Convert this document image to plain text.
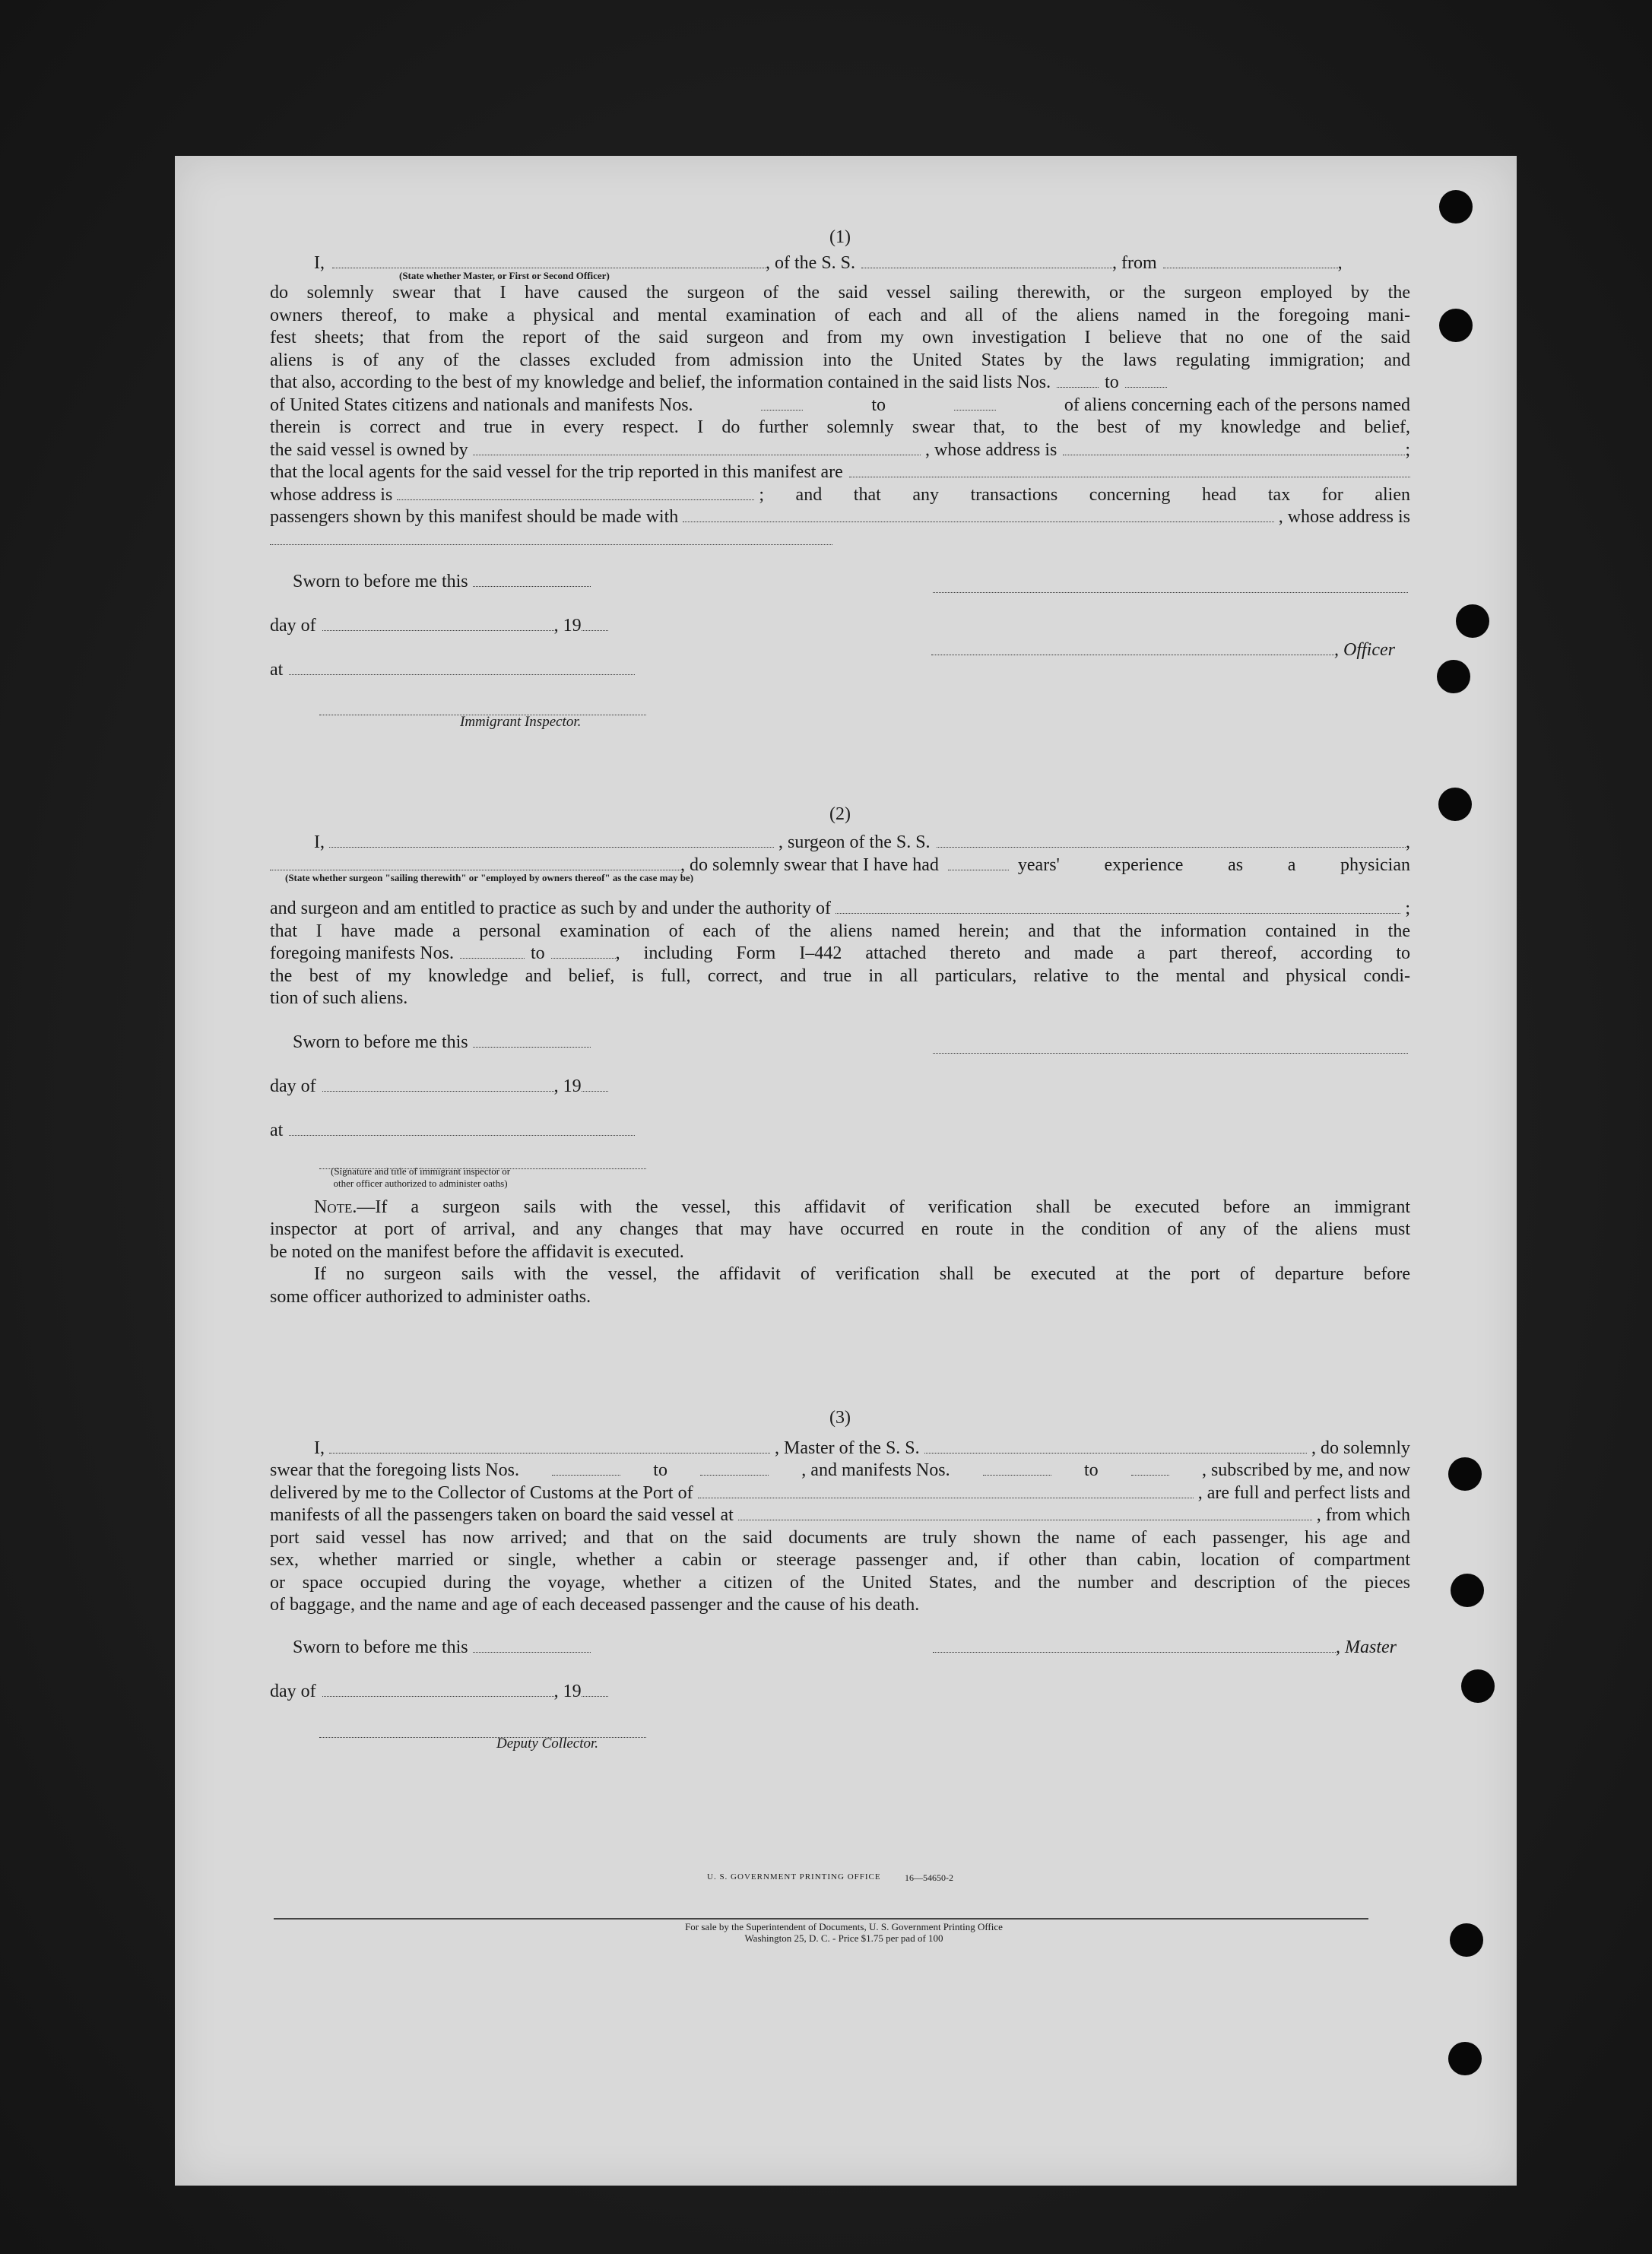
(1)

I,	, of the S. S.	, from	,
(State whether Master, or First or Second Officer)

do solemnly swear that I have caused the surgeon of the said vessel sailing therewith, or the surgeon employed by the

owners thereof, to make a physical and mental examination of each and all of the aliens named in the foregoing mani-

fest sheets; that from the report of the said surgeon and from my own investigation I believe that no one of the said

aliens is of any of the classes excluded from admission into the United States by the laws regulating immigration; and

that also, according to the best of my knowledge and belief, the information contained in the said lists Nos.	to
of United States citizens and nationals and manifests Nos.	to	of aliens concerning each of the persons named

therein is correct and true in every respect. I do further solemnly swear that, to the best of my knowledge and belief,

the said vessel is owned by	, whose address is	;
that the local agents for the said vessel for the trip reported in this manifest are
whose address is	; and that any transactions concerning head tax for alien
passengers shown by this manifest should be made with	, whose address is
Sworn to before me this
day of	, 19
, Officer
at
Immigrant Inspector.

(2)

I,	, surgeon of the S. S.	,
, do solemnly swear that I have had	years' experience as a physician
(State whether surgeon "sailing therewith" or "employed by owners thereof" as the case may be)
and surgeon and am entitled to practice as such by and under the authority of	;

that I have made a personal examination of each of the aliens named herein; and that the information contained in the

foregoing manifests Nos.	to	, including Form I–442 attached thereto and made a part thereof, according to

the best of my knowledge and belief, is full, correct, and true in all particulars, relative to the mental and physical condi-

tion of such aliens.

Sworn to before me this
day of	, 19
at
(Signature and title of immigrant inspector or
other officer authorized to administer oaths)

Note.—If a surgeon sails with the vessel, this affidavit of verification shall be executed before an immigrant

inspector at port of arrival, and any changes that may have occurred en route in the condition of any of the aliens must

be noted on the manifest before the affidavit is executed.

If no surgeon sails with the vessel, the affidavit of verification shall be executed at the port of departure before

some officer authorized to administer oaths.

(3)

I,	, Master of the S. S.	, do solemnly
swear that the foregoing lists Nos.	to	, and manifests Nos.	to	, subscribed by me, and now
delivered by me to the Collector of Customs at the Port of	, are full and perfect lists and
manifests of all the passengers taken on board the said vessel at	, from which

port said vessel has now arrived; and that on the said documents are truly shown the name of each passenger, his age and

sex, whether married or single, whether a cabin or steerage passenger and, if other than cabin, location of compartment

or space occupied during the voyage, whether a citizen of the United States, and the number and description of the pieces

of baggage, and the name and age of each deceased passenger and the cause of his death.

Sworn to before me this	, Master
day of	, 19
Deputy Collector.
U. S. GOVERNMENT PRINTING OFFICE	16—54650-2
For sale by the Superintendent of Documents, U. S. Government Printing Office
Washington 25, D. C. - Price $1.75 per pad of 100
